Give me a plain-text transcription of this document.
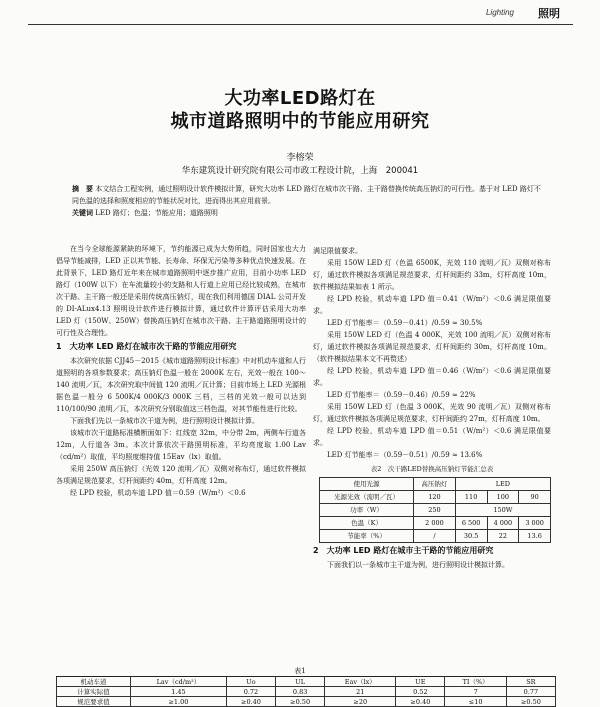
Lighting 照明
大功率LED路灯在
城市道路照明中的节能应用研究
李榕荣
华东建筑设计研究院有限公司市政工程设计院，上海　200041
摘　要 本文结合工程实例，通过照明设计软件模拟计算，研究大功率 LED 路灯在城市次干路、主干路替换传统高压钠灯的可行性。基于对 LED 路灯不同色温的选择和照度相应的节能状况对比，进而得出其应用前景。
关键词 LED 路灯；色温；节能应用；道路照明

在当今全球能源紧缺的环境下，节约能源已成为大势所趋，同时国家也大力倡导节能减排，LED 正以其节能、长寿命、环保无污染等多种优点快速发展。在此背景下，LED 路灯近年来在城市道路照明中逐步推广应用，目前小功率 LED 路灯（100W 以下）在车流量较小的支路和人行道上应用已经比较成熟，在城市次干路、主干路一般还是采用传统高压钠灯，现在我们利用德国 DIAL 公司开发的 DI-ALux4.13 照明设计软件进行模拟计算，通过软件计算评估采用大功率 LED 灯（150W、250W）替换高压钠灯在城市次干路、主干路道路照明设计的可行性及合理性。

1　大功率 LED 路灯在城市次干路的节能应用研究

本次研究依据 CJJ45－2015《城市道路照明设计标准》中对机动车道和人行道照明的各项参数要求；高压钠灯色温一般在 2000K 左右，光效一般在 100～140 流明／瓦，本次研究取中间值 120 流明／瓦计算；目前市场上 LED 光源根据色温一般分 6 500K/4 000K/3 000K 三档，三档的光效一般可以达到 110/100/90 流明／瓦，本次研究分别取值这三档色温，对其节能性进行比较。

下面我们先以一条城市次干道为例，进行照明设计模拟计算。

该城市次干道路标准横断面如下：红线宽 32m，中分带 2m，两侧车行道各 12m，人行道各 3m。本次计算依次干路照明标准，平均亮度取 1.00 Lav（cd/m²）取值，平均照度维持值 15Eav（lx）取值。

采用 250W 高压钠灯（光效 120 流明／瓦）双侧对称布灯，通过软件模拟各项满足规范要求，灯杆间距约 40m，灯杆高度 12m。

经 LPD 校验，机动车道 LPD 值＝0.59（W/m²）＜0.6

满足限值要求。

采用 150W LED 灯（色温 6500K，光效 110 流明／瓦）双侧对称布灯，通过软件模拟各项满足规范要求，灯杆间距约 33m，灯杆高度 10m，软件模拟结果如表 1 所示。

经 LPD 校验，机动车道 LPD 值＝0.41（W/m²）＜0.6 满足限值要求。

LED 灯节能率＝（0.59－0.41）/0.59 ≈ 30.5%

采用 150W LED 灯（色温 4 000K，光效 100 流明／瓦）双侧对称布灯，通过软件模拟各项满足规范要求，灯杆间距约 30m，灯杆高度 10m。（软件模拟结果本文不再赘述）

经 LPD 校验，机动车道 LPD 值＝0.46（W/m²）＜0.6 满足限值要求。

LED 灯节能率＝（0.59－0.46）/0.59 ≈ 22%

采用 150W LED 灯（色温 3 000K，光效 90 流明／瓦）双侧对称布灯，通过软件模拟各项满足规范要求，灯杆间距约 27m，灯杆高度 10m。

经 LPD 校验，机动车道 LPD 值＝0.51（W/m²）＜0.6 满足限值要求。

LED 灯节能率＝（0.59－0.51）/0.59 ≈ 13.6%

表2　次干路LED替换高压钠灯节能汇总表
使用光源	高压钠灯	LED		
光源光效（流明／瓦）	120	110	100	90
功率（W）	250	150W		
色温（K）	2 000	6 500	4 000	3 000
节能率（%）	/	30.5	22	13.6
2　大功率 LED 路灯在城市主干路的节能应用研究

下面我们以一条城市主干道为例，进行照明设计模拟计算。

表1
机动车道	Lav（cd/m²）	Uo	UL	Eav（lx）	UE	TI（%）	SR
计算实际值	1.45	0.72	0.83	21	0.52	7	0.77
规范要求值	≥1.00	≥0.40	≥0.50	≥20	≥0.40	≤10	≥0.50
